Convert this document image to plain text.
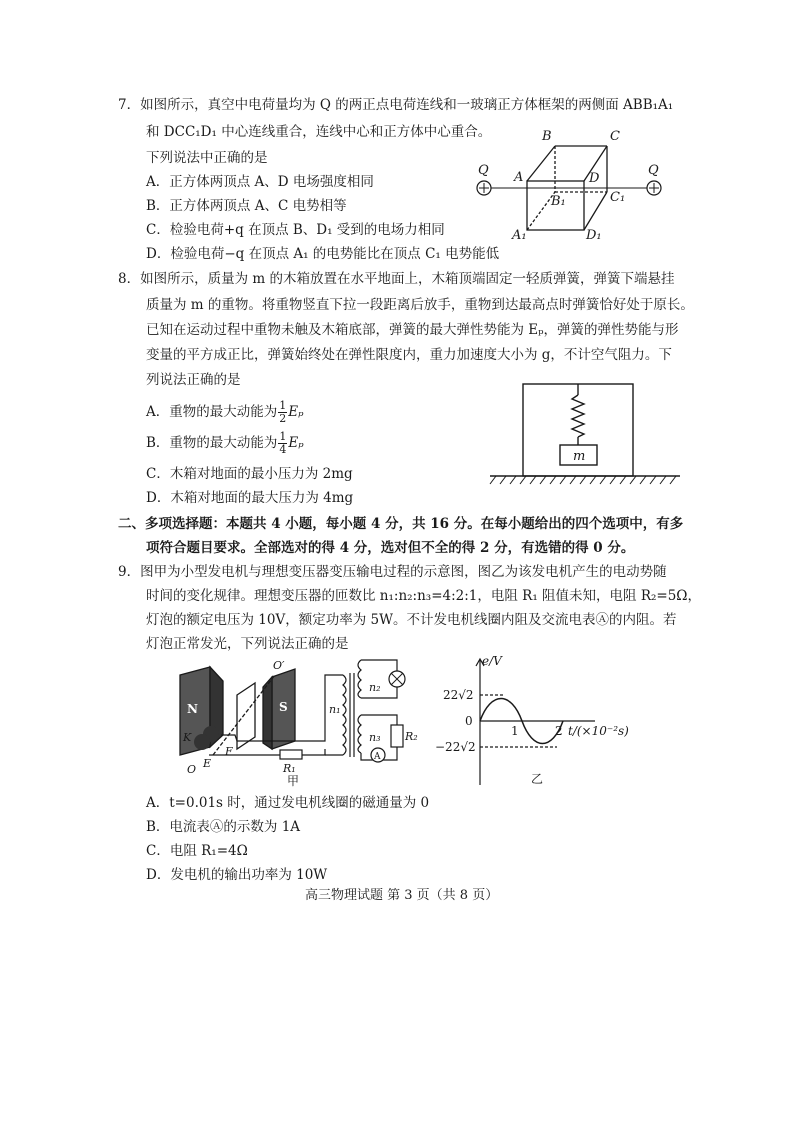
7．如图所示，真空中电荷量均为 Q 的两正点电荷连线和一玻璃正方体框架的两侧面 ABB₁A₁
和 DCC₁D₁ 中心连线重合，连线中心和正方体中心重合。
下列说法中正确的是
A．正方体两顶点 A、D 电场强度相同
B．正方体两顶点 A、C 电势相等
C．检验电荷+q 在顶点 B、D₁ 受到的电场力相同
D．检验电荷−q 在顶点 A₁ 的电势能比在顶点 C₁ 电势能低
Q	Q
B	C
A	D
B₁	C₁
A₁	D₁
8．如图所示，质量为 m 的木箱放置在水平地面上，木箱顶端固定一轻质弹簧，弹簧下端悬挂
质量为 m 的重物。将重物竖直下拉一段距离后放手，重物到达最高点时弹簧恰好处于原长。
已知在运动过程中重物未触及木箱底部，弹簧的最大弹性势能为 Eₚ，弹簧的弹性势能与形
变量的平方成正比，弹簧始终处在弹性限度内，重力加速度大小为 g，不计空气阻力。下
列说法正确的是
A．重物的最大动能为 $\frac{1}{2}$ Eₚ
B．重物的最大动能为 $\frac{1}{4}$ Eₚ
C．木箱对地面的最小压力为 2mg
D．木箱对地面的最大压力为 4mg
m
二、多项选择题：本题共 4 小题，每小题 4 分，共 16 分。在每小题给出的四个选项中，有多
项符合题目要求。全部选对的得 4 分，选对但不全的得 2 分，有选错的得 0 分。
9．图甲为小型发电机与理想变压器变压输电过程的示意图，图乙为该发电机产生的电动势随
时间的变化规律。理想变压器的匝数比 n₁:n₂:n₃=4:2:1，电阻 R₁ 阻值未知，电阻 R₂=5Ω，
灯泡的额定电压为 10V，额定功率为 5W。不计发电机线圈内阻及交流电表Ⓐ的内阻。若
灯泡正常发光，下列说法正确的是
N	S
O′
K
F
O E
n₁
n₂
n₃ R₂
R₁
A
甲
e/V
22√2
0
−22√2
1	2 t/(×10⁻²s)
乙
A．t=0.01s 时，通过发电机线圈的磁通量为 0
B．电流表Ⓐ的示数为 1A
C．电阻 R₁=4Ω
D．发电机的输出功率为 10W
高三物理试题 第 3 页（共 8 页）
